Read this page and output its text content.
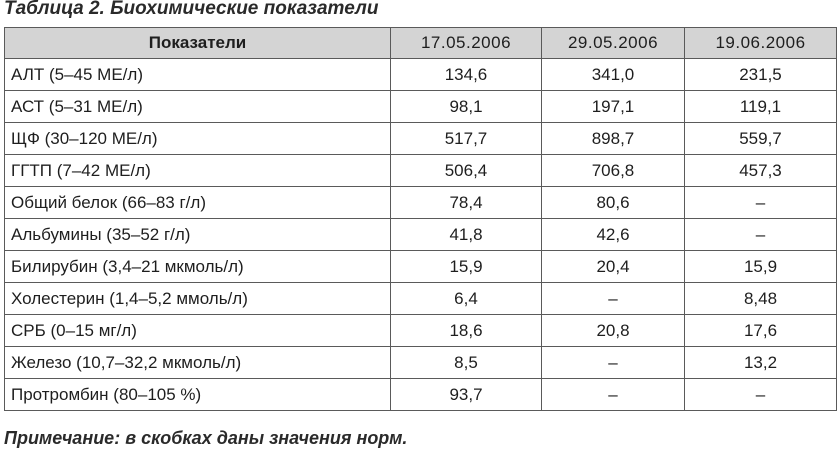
Таблица 2. Биохимические показатели
Показатели	17.05.2006	29.05.2006	19.06.2006
АЛТ (5–45 МЕ/л)	134,6	341,0	231,5
АСТ (5–31 МЕ/л)	98,1	197,1	119,1
ЩФ (30–120 МЕ/л)	517,7	898,7	559,7
ГГТП (7–42 МЕ/л)	506,4	706,8	457,3
Общий белок (66–83 г/л)	78,4	80,6	–
Альбумины (35–52 г/л)	41,8	42,6	–
Билирубин (3,4–21 мкмоль/л)	15,9	20,4	15,9
Холестерин (1,4–5,2 ммоль/л)	6,4	–	8,48
СРБ (0–15 мг/л)	18,6	20,8	17,6
Железо (10,7–32,2 мкмоль/л)	8,5	–	13,2
Протромбин (80–105 %)	93,7	–	–
Примечание: в скобках даны значения норм.
